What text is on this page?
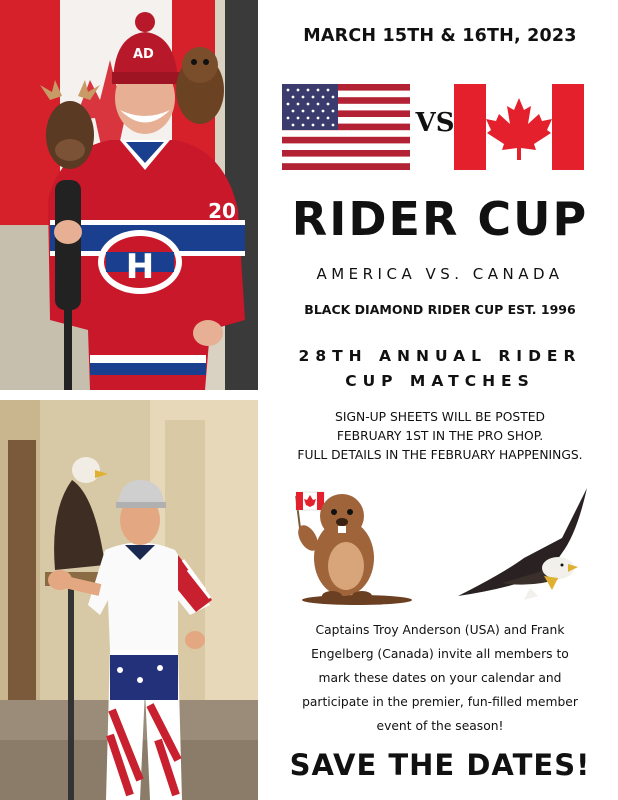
H
20
AD
MARCH 15TH & 16TH, 2023
VS
RIDER CUP
AMERICA VS. CANADA
BLACK DIAMOND RIDER CUP EST. 1996
28TH ANNUAL RIDER
CUP MATCHES
SIGN-UP SHEETS WILL BE POSTED
FEBRUARY 1ST IN THE PRO SHOP.
FULL DETAILS IN THE FEBRUARY HAPPENINGS.
Captains Troy Anderson (USA) and Frank
Engelberg (Canada) invite all members to
mark these dates on your calendar and
participate in the premier, fun-filled member
event of the season!
SAVE THE DATES!
